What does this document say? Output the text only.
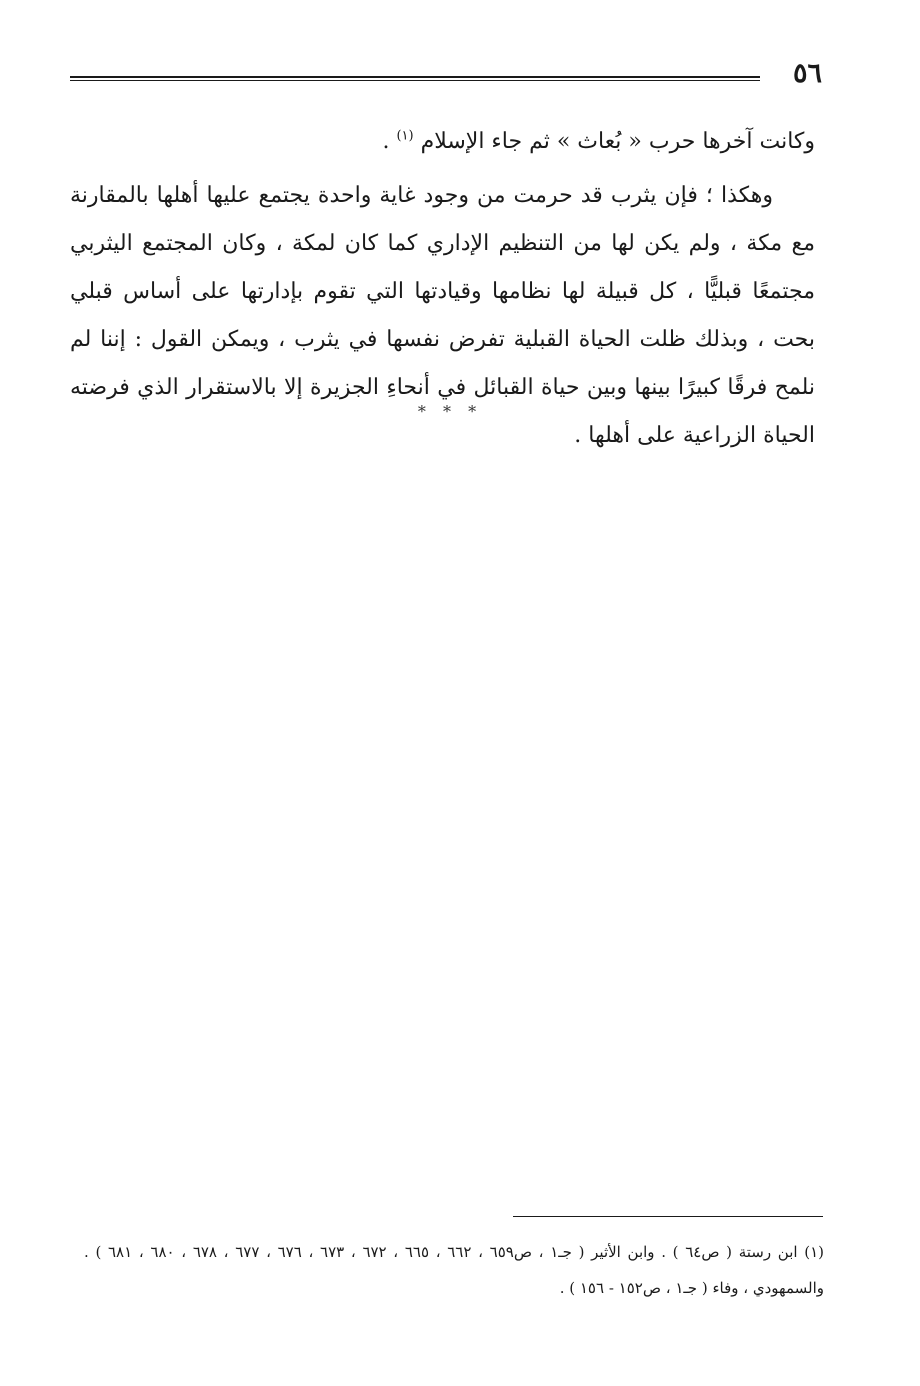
٥٦

وكانت آخرها حرب « بُعاث » ثم جاء الإسلام $^{(١)}$ .

وهكذا ؛ فإن يثرب قد حرمت من وجود غاية واحدة يجتمع عليها أهلها بالمقارنة مع مكة ، ولم يكن لها من التنظيم الإداري كما كان لمكة ، وكان المجتمع اليثربي مجتمعًا قبليًّا ، كل قبيلة لها نظامها وقيادتها التي تقوم بإدارتها على أساس قبلي بحت ، وبذلك ظلت الحياة القبلية تفرض نفسها في يثرب ، ويمكن القول : إننا لم نلمح فرقًا كبيرًا بينها وبين حياة القبائل في أنحاءِ الجزيرة إلا بالاستقرار الذي فرضته الحياة الزراعية على أهلها .

* * *

(١) ابن رستة ( ص٦٤ ) . وابن الأثير ( جـ١ ، ص٦٥٩ ، ٦٦٢ ، ٦٦٥ ، ٦٧٢ ، ٦٧٣ ، ٦٧٦ ، ٦٧٧ ، ٦٧٨ ، ٦٨٠ ، ٦٨١ ) . والسمهودي ، وفاء ( جـ١ ، ص١٥٢ - ١٥٦ ) .
